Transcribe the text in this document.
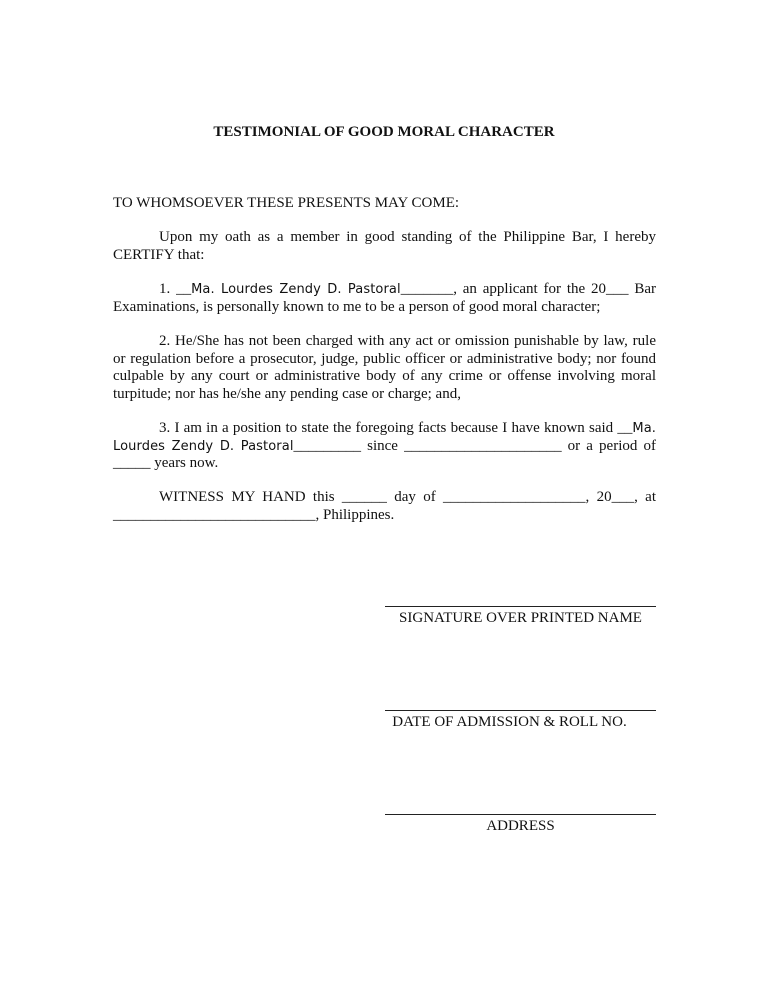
TESTIMONIAL OF GOOD MORAL CHARACTER
TO WHOMSOEVER THESE PRESENTS MAY COME:
Upon my oath as a member in good standing of the Philippine Bar, I hereby CERTIFY that:
1. __Ma. Lourdes Zendy D. Pastoral_______, an applicant for the 20___ Bar Examinations, is personally known to me to be a person of good moral character;
2. He/She has not been charged with any act or omission punishable by law, rule or regulation before a prosecutor, judge, public officer or administrative body; nor found culpable by any court or administrative body of any crime or offense involving moral turpitude; nor has he/she any pending case or charge; and,
3. I am in a position to state the foregoing facts because I have known said __Ma. Lourdes Zendy D. Pastoral_________ since _____________________ or a period of _____ years now.
WITNESS MY HAND this ______ day of ___________________, 20___, at ___________________________, Philippines.
SIGNATURE OVER PRINTED NAME
DATE OF ADMISSION & ROLL NO.
ADDRESS
